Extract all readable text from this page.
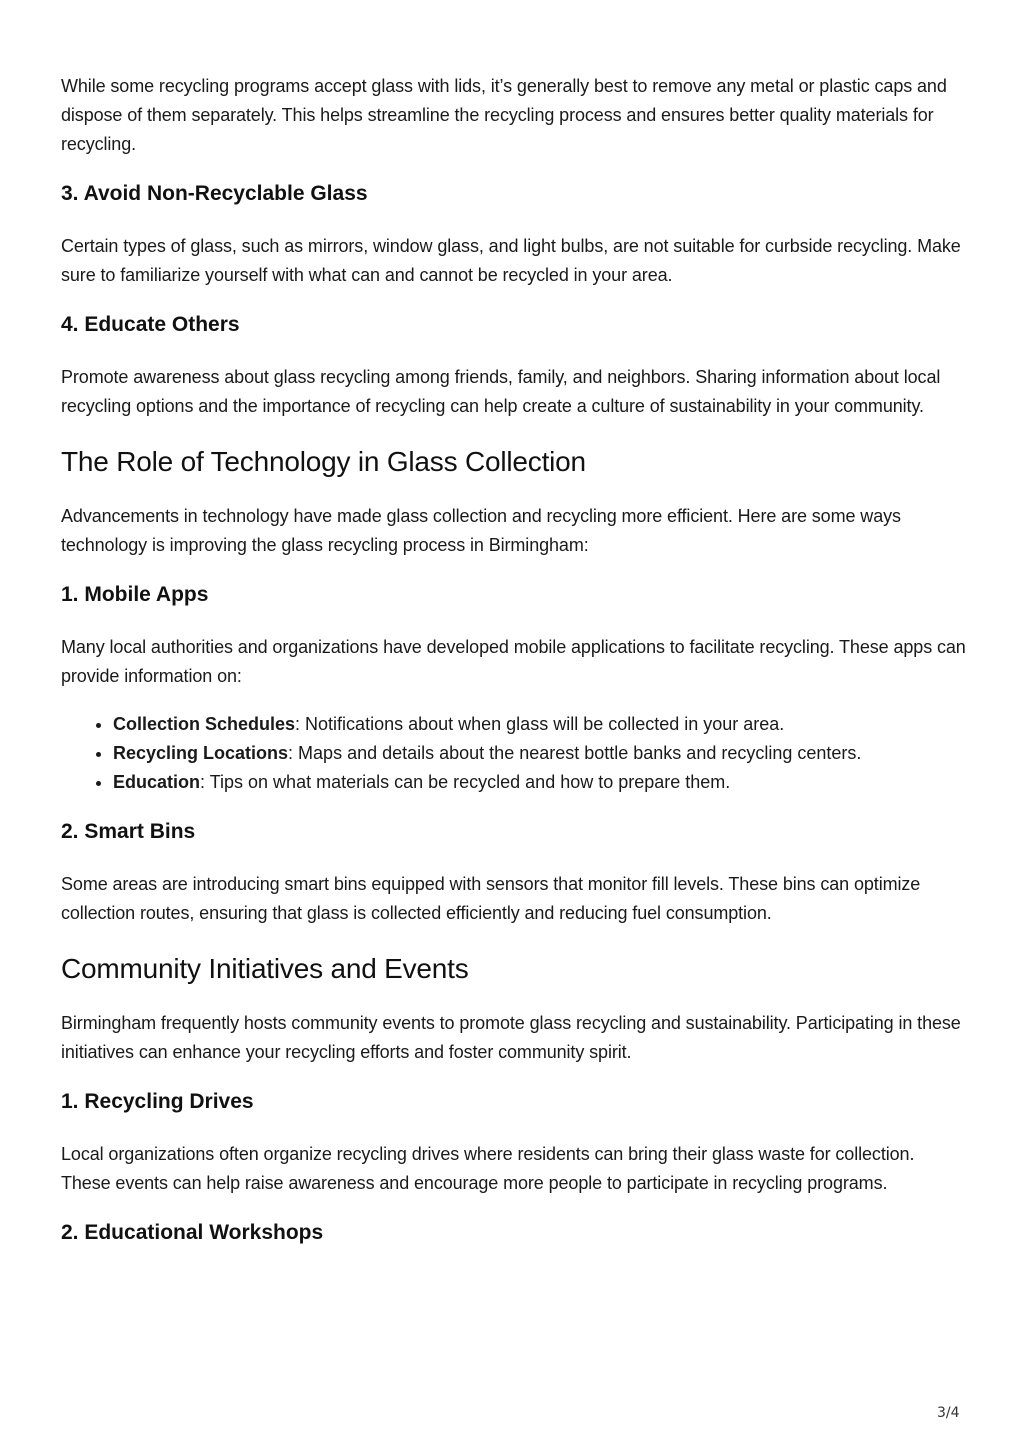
While some recycling programs accept glass with lids, it’s generally best to remove any metal or plastic caps and dispose of them separately. This helps streamline the recycling process and ensures better quality materials for recycling.

3. Avoid Non-Recyclable Glass

Certain types of glass, such as mirrors, window glass, and light bulbs, are not suitable for curbside recycling. Make sure to familiarize yourself with what can and cannot be recycled in your area.

4. Educate Others

Promote awareness about glass recycling among friends, family, and neighbors. Sharing information about local recycling options and the importance of recycling can help create a culture of sustainability in your community.

The Role of Technology in Glass Collection

Advancements in technology have made glass collection and recycling more efficient. Here are some ways technology is improving the glass recycling process in Birmingham:

1. Mobile Apps

Many local authorities and organizations have developed mobile applications to facilitate recycling. These apps can provide information on:

• Collection Schedules: Notifications about when glass will be collected in your area.
• Recycling Locations: Maps and details about the nearest bottle banks and recycling centers.
• Education: Tips on what materials can be recycled and how to prepare them.
2. Smart Bins

Some areas are introducing smart bins equipped with sensors that monitor fill levels. These bins can optimize collection routes, ensuring that glass is collected efficiently and reducing fuel consumption.

Community Initiatives and Events

Birmingham frequently hosts community events to promote glass recycling and sustainability. Participating in these initiatives can enhance your recycling efforts and foster community spirit.

1. Recycling Drives

Local organizations often organize recycling drives where residents can bring their glass waste for collection. These events can help raise awareness and encourage more people to participate in recycling programs.

2. Educational Workshops
3/4
